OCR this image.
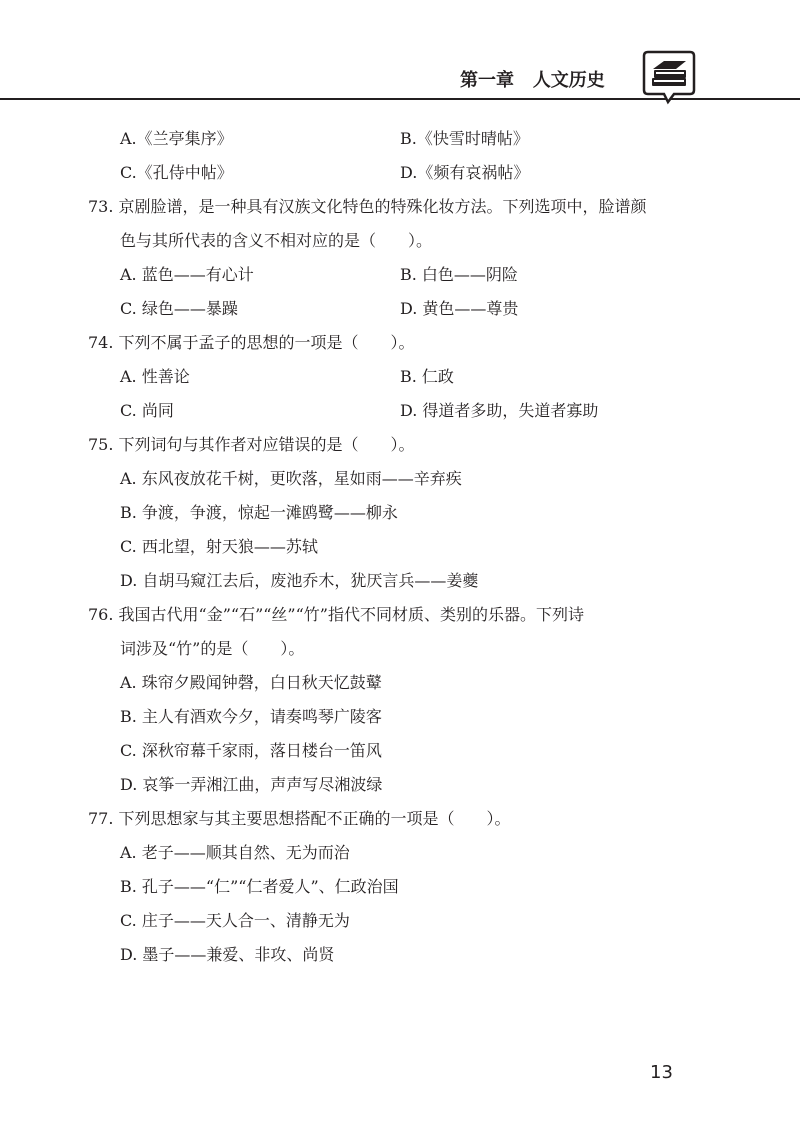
第一章   人文历史
A.《兰亭集序》	B.《快雪时晴帖》
C.《孔侍中帖》	D.《频有哀祸帖》
73. 京剧脸谱，是一种具有汉族文化特色的特殊化妆方法。下列选项中，脸谱颜
色与其所代表的含义不相对应的是（　　）。
A. 蓝色——有心计	B. 白色——阴险
C. 绿色——暴躁	D. 黄色——尊贵
74. 下列不属于孟子的思想的一项是（　　）。
A. 性善论	B. 仁政
C. 尚同	D. 得道者多助，失道者寡助
75. 下列词句与其作者对应错误的是（　　）。
A. 东风夜放花千树，更吹落，星如雨——辛弃疾
B. 争渡，争渡，惊起一滩鸥鹭——柳永
C. 西北望，射天狼——苏轼
D. 自胡马窥江去后，废池乔木，犹厌言兵——姜夔
76. 我国古代用“金”“石”“丝”“竹”指代不同材质、类别的乐器。下列诗
词涉及“竹”的是（　　）。
A. 珠帘夕殿闻钟磬，白日秋天忆鼓鼙
B. 主人有酒欢今夕，请奏鸣琴广陵客
C. 深秋帘幕千家雨，落日楼台一笛风
D. 哀筝一弄湘江曲，声声写尽湘波绿
77. 下列思想家与其主要思想搭配不正确的一项是（　　）。
A. 老子——顺其自然、无为而治
B. 孔子——“仁”“仁者爱人”、仁政治国
C. 庄子——天人合一、清静无为
D. 墨子——兼爱、非攻、尚贤
13
